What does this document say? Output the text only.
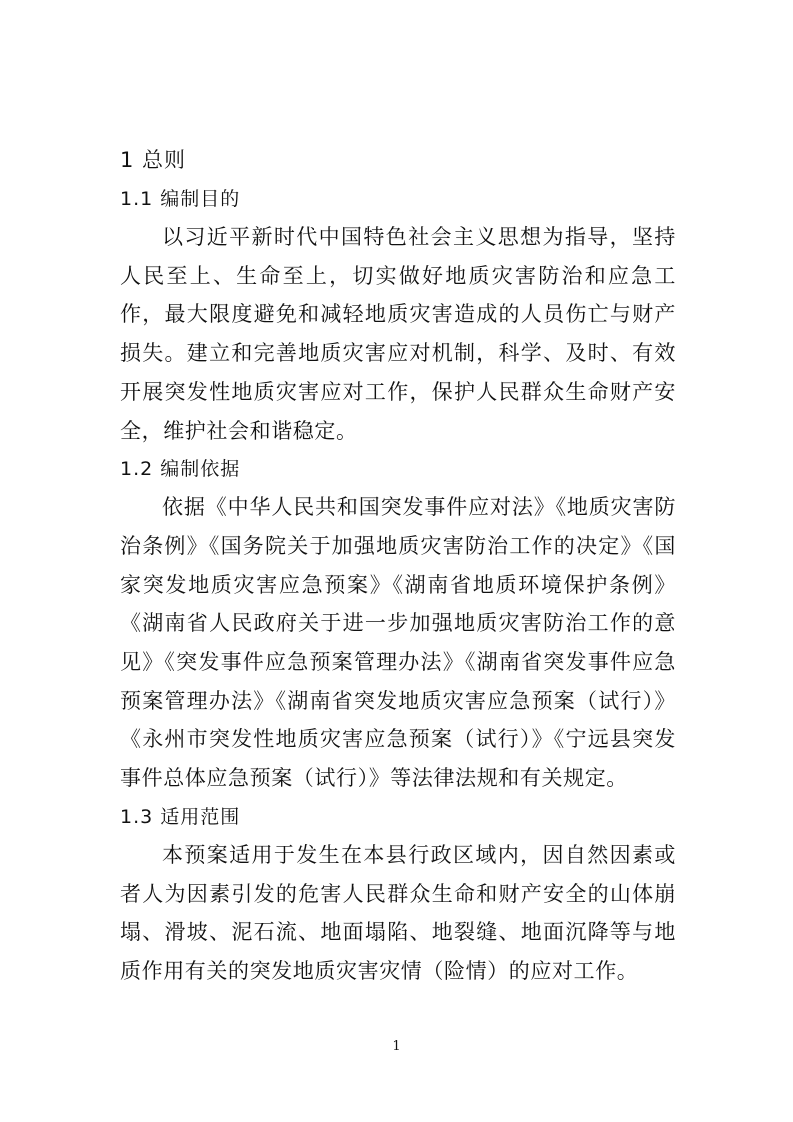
1 总则
1.1 编制目的

以习近平新时代中国特色社会主义思想为指导，坚持人民至上、生命至上，切实做好地质灾害防治和应急工作，最大限度避免和减轻地质灾害造成的人员伤亡与财产损失。建立和完善地质灾害应对机制，科学、及时、有效开展突发性地质灾害应对工作，保护人民群众生命财产安全，维护社会和谐稳定。

1.2 编制依据

依据《中华人民共和国突发事件应对法》《地质灾害防治条例》《国务院关于加强地质灾害防治工作的决定》《国家突发地质灾害应急预案》《湖南省地质环境保护条例》《湖南省人民政府关于进一步加强地质灾害防治工作的意见》《突发事件应急预案管理办法》《湖南省突发事件应急预案管理办法》《湖南省突发地质灾害应急预案（试行）》《永州市突发性地质灾害应急预案（试行）》《宁远县突发事件总体应急预案（试行）》等法律法规和有关规定。

1.3 适用范围

本预案适用于发生在本县行政区域内，因自然因素或者人为因素引发的危害人民群众生命和财产安全的山体崩塌、滑坡、泥石流、地面塌陷、地裂缝、地面沉降等与地质作用有关的突发地质灾害灾情（险情）的应对工作。

1
